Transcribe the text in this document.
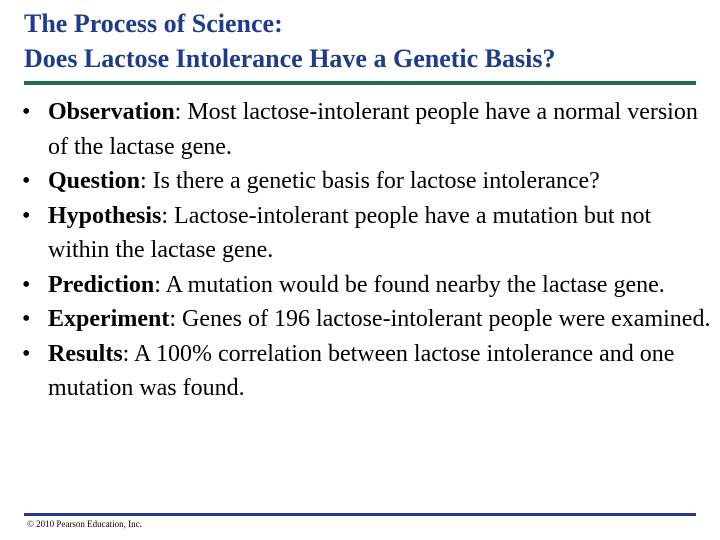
The Process of Science:
Does Lactose Intolerance Have a Genetic Basis?
• Observation: Most lactose-intolerant people have a normal version of the lactase gene.
• Question: Is there a genetic basis for lactose intolerance?
• Hypothesis: Lactose-intolerant people have a mutation but not within the lactase gene.
• Prediction: A mutation would be found nearby the lactase gene.
• Experiment: Genes of 196 lactose-intolerant people were examined.
• Results: A 100% correlation between lactose intolerance and one mutation was found.
© 2010 Pearson Education, Inc.
